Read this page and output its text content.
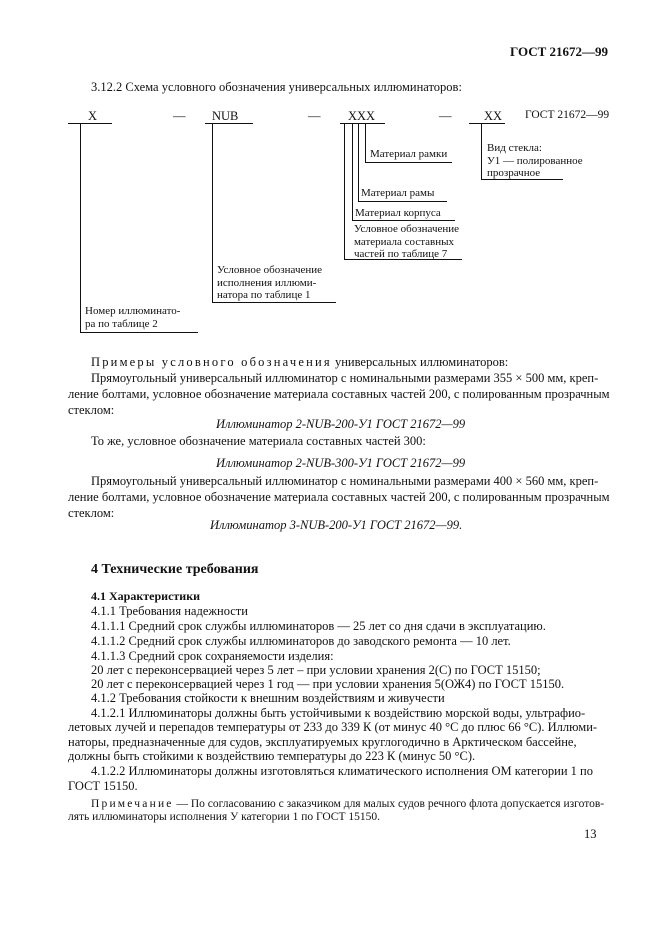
ГОСТ 21672—99
3.12.2 Схема условного обозначения универсальных иллюминаторов:
X	— NUB	— XXX	—	XX ГОСТ 21672—99
Материал рамки	Вид стекла:
У1 — полированное
прозрачное
Материал рамы
Материал корпуса
Условное обозначение
материала составных
частей по таблице 7
Условное обозначение
исполнения иллюми-
натора по таблице 1
Номер иллюминато-
ра по таблице 2
Примеры условного обозначения универсальных иллюминаторов:
Прямоугольный универсальный иллюминатор с номинальными размерами 355 × 500 мм, креп-
ление болтами, условное обозначение материала составных частей 200, с полированным прозрачным
стеклом:
Иллюминатор 2-NUB-200-У1 ГОСТ 21672—99
То же, условное обозначение материала составных частей 300:
Иллюминатор 2-NUB-300-У1 ГОСТ 21672—99
Прямоугольный универсальный иллюминатор с номинальными размерами 400 × 560 мм, креп-
ление болтами, условное обозначение материала составных частей 200, с полированным прозрачным
стеклом:
Иллюминатор 3-NUB-200-У1 ГОСТ 21672—99.
4 Технические требования
4.1 Характеристики
4.1.1 Требования надежности
4.1.1.1 Средний срок службы иллюминаторов — 25 лет со дня сдачи в эксплуатацию.
4.1.1.2 Средний срок службы иллюминаторов до заводского ремонта — 10 лет.
4.1.1.3 Средний срок сохраняемости изделия:
20 лет с переконсервацией через 5 лет – при условии хранения 2(С) по ГОСТ 15150;
20 лет с переконсервацией через 1 год — при условии хранения 5(ОЖ4) по ГОСТ 15150.
4.1.2 Требования стойкости к внешним воздействиям и живучести
4.1.2.1 Иллюминаторы должны быть устойчивыми к воздействию морской воды, ультрафио-
летовых лучей и перепадов температуры от 233 до 339 К (от минус 40 °С до плюс 66 °С). Иллюми-
наторы, предназначенные для судов, эксплуатируемых круглогодично в Арктическом бассейне,
должны быть стойкими к воздействию температуры до 223 К (минус 50 °С).
4.1.2.2 Иллюминаторы должны изготовляться климатического исполнения ОМ категории 1 по
ГОСТ 15150.
Примечание — По согласованию с заказчиком для малых судов речного флота допускается изготов-
лять иллюминаторы исполнения У категории 1 по ГОСТ 15150.
13
